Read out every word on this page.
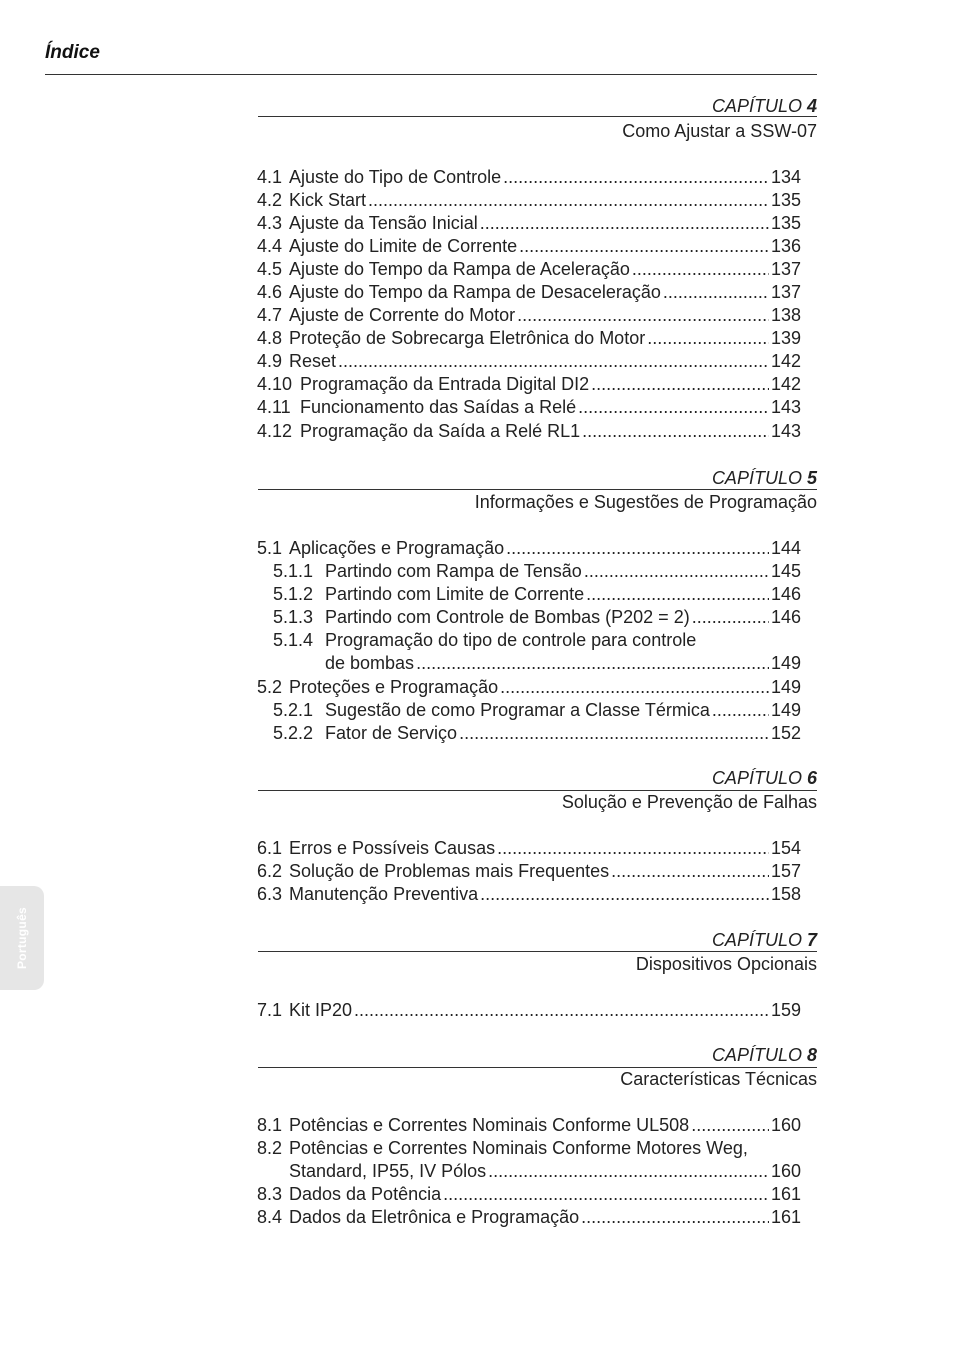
Índice
Português
CAPÍTULO 4
Como Ajustar a SSW-07
4.1 Ajuste do Tipo de Controle .....	134
4.2 Kick Start .....	135
4.3 Ajuste da Tensão Inicial .....	135
4.4 Ajuste do Limite de Corrente .....	136
4.5 Ajuste do Tempo da Rampa de Aceleração .....	137
4.6 Ajuste do Tempo da Rampa de Desaceleração .....	137
4.7 Ajuste de Corrente do Motor .....	138
4.8 Proteção de Sobrecarga Eletrônica do Motor .....	139
4.9 Reset .....	142
4.10 Programação da Entrada Digital DI2 .....	142
4.11 Funcionamento das Saídas a Relé .....	143
4.12 Programação da Saída a Relé RL1 .....	143
CAPÍTULO 5
Informações e Sugestões de Programação
5.1 Aplicações e Programação .....	144
5.1.1 Partindo com Rampa de Tensão .....	145
5.1.2 Partindo com Limite de Corrente .....	146
5.1.3 Partindo com Controle de Bombas (P202 = 2) .....	146
5.1.4 Programação do tipo de controle para controle
de bombas .....	149
5.2 Proteções e Programação .....	149
5.2.1 Sugestão de como Programar a Classe Térmica .....	149
5.2.2 Fator de Serviço .....	152
CAPÍTULO 6
Solução e Prevenção de Falhas
6.1 Erros e Possíveis Causas .....	154
6.2 Solução de Problemas mais Frequentes .....	157
6.3 Manutenção Preventiva .....	158
CAPÍTULO 7
Dispositivos Opcionais
7.1 Kit IP20 .....	159
CAPÍTULO 8
Características Técnicas
8.1 Potências e Correntes Nominais Conforme UL508 .....	160
8.2 Potências e Correntes Nominais Conforme Motores Weg,
Standard, IP55, IV Pólos .....	160
8.3 Dados da Potência .....	161
8.4 Dados da Eletrônica e Programação .....	161
